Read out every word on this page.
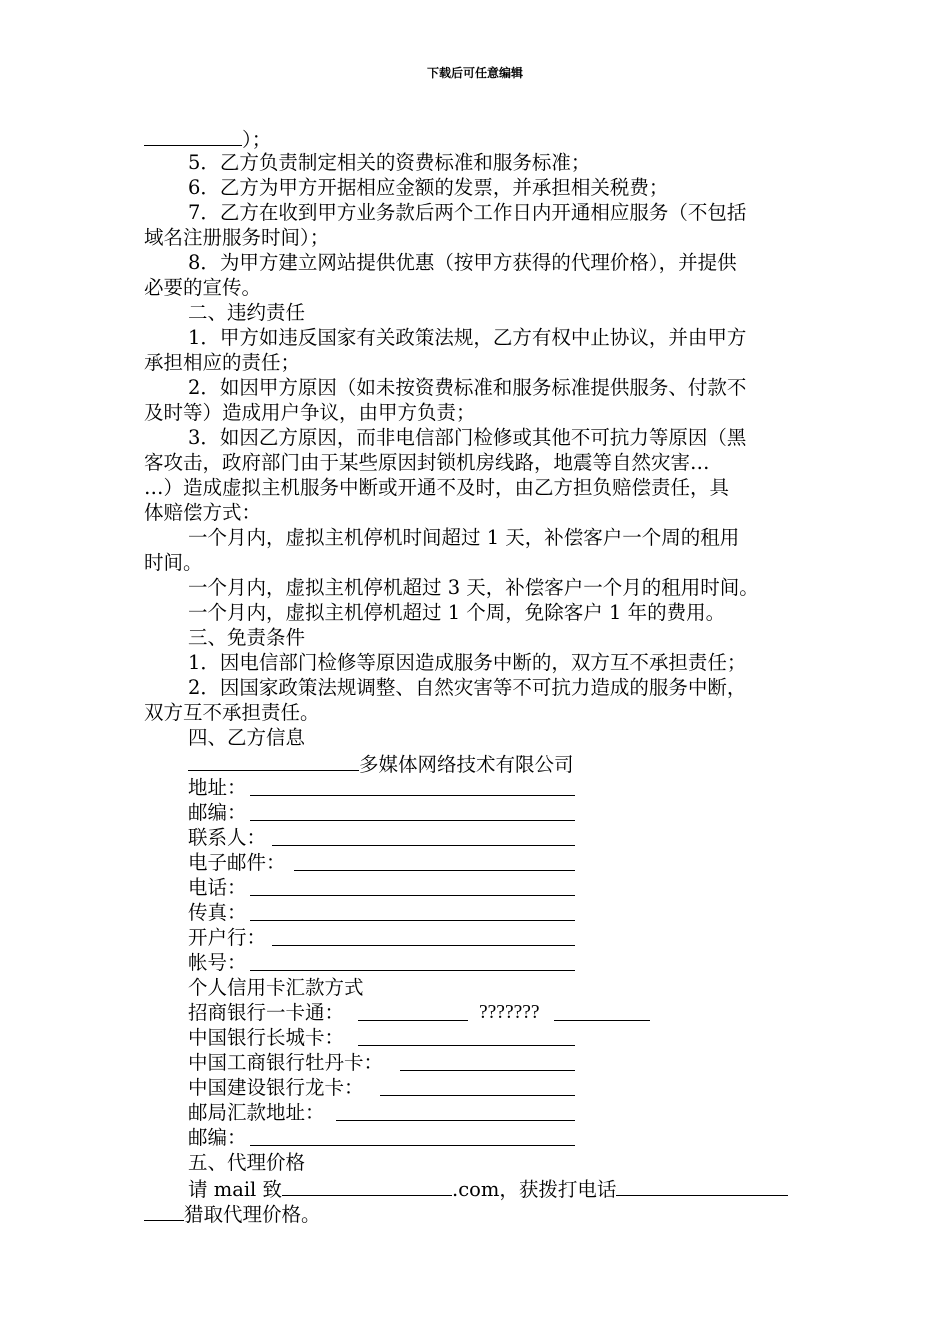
下载后可任意编辑
）；
5．乙方负责制定相关的资费标准和服务标准；
6．乙方为甲方开据相应金额的发票，并承担相关税费；
7．乙方在收到甲方业务款后两个工作日内开通相应服务（不包括
域名注册服务时间）；
8．为甲方建立网站提供优惠（按甲方获得的代理价格），并提供
必要的宣传。
二、违约责任
1．甲方如违反国家有关政策法规，乙方有权中止协议，并由甲方
承担相应的责任；
2．如因甲方原因（如未按资费标准和服务标准提供服务、付款不
及时等）造成用户争议，由甲方负责；
3．如因乙方原因，而非电信部门检修或其他不可抗力等原因（黑
客攻击，政府部门由于某些原因封锁机房线路，地震等自然灾害…
…）造成虚拟主机服务中断或开通不及时，由乙方担负赔偿责任，具
体赔偿方式：
一个月内，虚拟主机停机时间超过 1 天，补偿客户一个周的租用
时间。
一个月内，虚拟主机停机超过 3 天，补偿客户一个月的租用时间。
一个月内，虚拟主机停机超过 1 个周，免除客户 1 年的费用。
三、免责条件
1．因电信部门检修等原因造成服务中断的，双方互不承担责任；
2．因国家政策法规调整、自然灾害等不可抗力造成的服务中断，
双方互不承担责任。
四、乙方信息
多媒体网络技术有限公司
地址：
邮编：
联系人：
电子邮件：
电话：
传真：
开户行：
帐号：
个人信用卡汇款方式
招商银行一卡通：	???????
中国银行长城卡：
中国工商银行牡丹卡：
中国建设银行龙卡：
邮局汇款地址：
邮编：
五、代理价格
请 mail 致	.com，获拨打电话
猎取代理价格。
